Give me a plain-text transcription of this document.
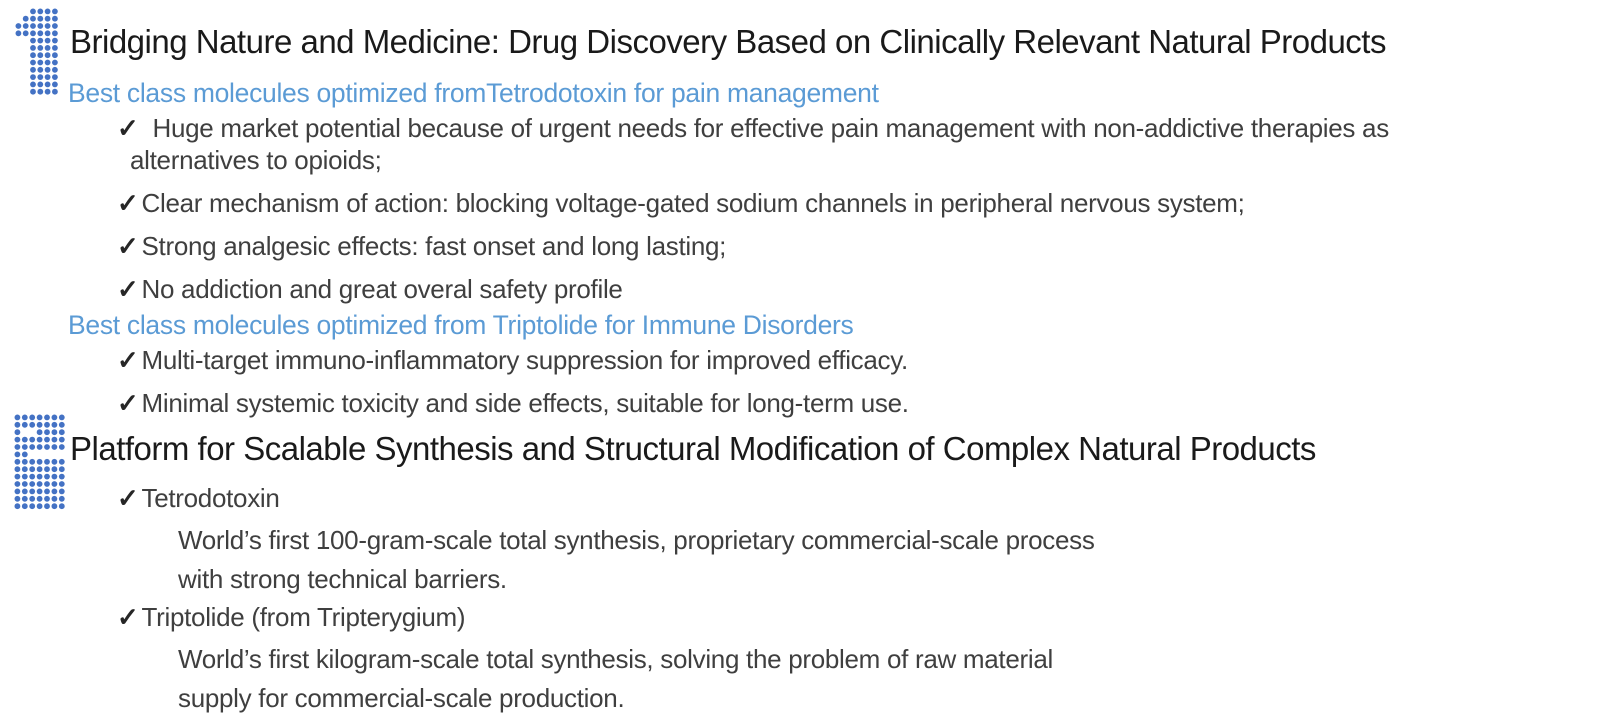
Bridging Nature and Medicine: Drug Discovery Based on Clinically Relevant Natural Products
Best class molecules optimized fromTetrodotoxin for pain management
✓ Huge market potential because of urgent needs for effective pain management with non-addictive therapies as
alternatives to opioids;
✓ Clear mechanism of action: blocking voltage-gated sodium channels in peripheral nervous system;
✓ Strong analgesic effects: fast onset and long lasting;
✓ No addiction and great overal safety profile
Best class molecules optimized from Triptolide for Immune Disorders
✓ Multi-target immuno-inflammatory suppression for improved efficacy.
✓ Minimal systemic toxicity and side effects, suitable for long-term use.
Platform for Scalable Synthesis and Structural Modification of Complex Natural Products
✓ Tetrodotoxin
World’s first 100-gram-scale total synthesis, proprietary commercial-scale process
with strong technical barriers.
✓ Triptolide (from Tripterygium)
World’s first kilogram-scale total synthesis, solving the problem of raw material
supply for commercial-scale production.
